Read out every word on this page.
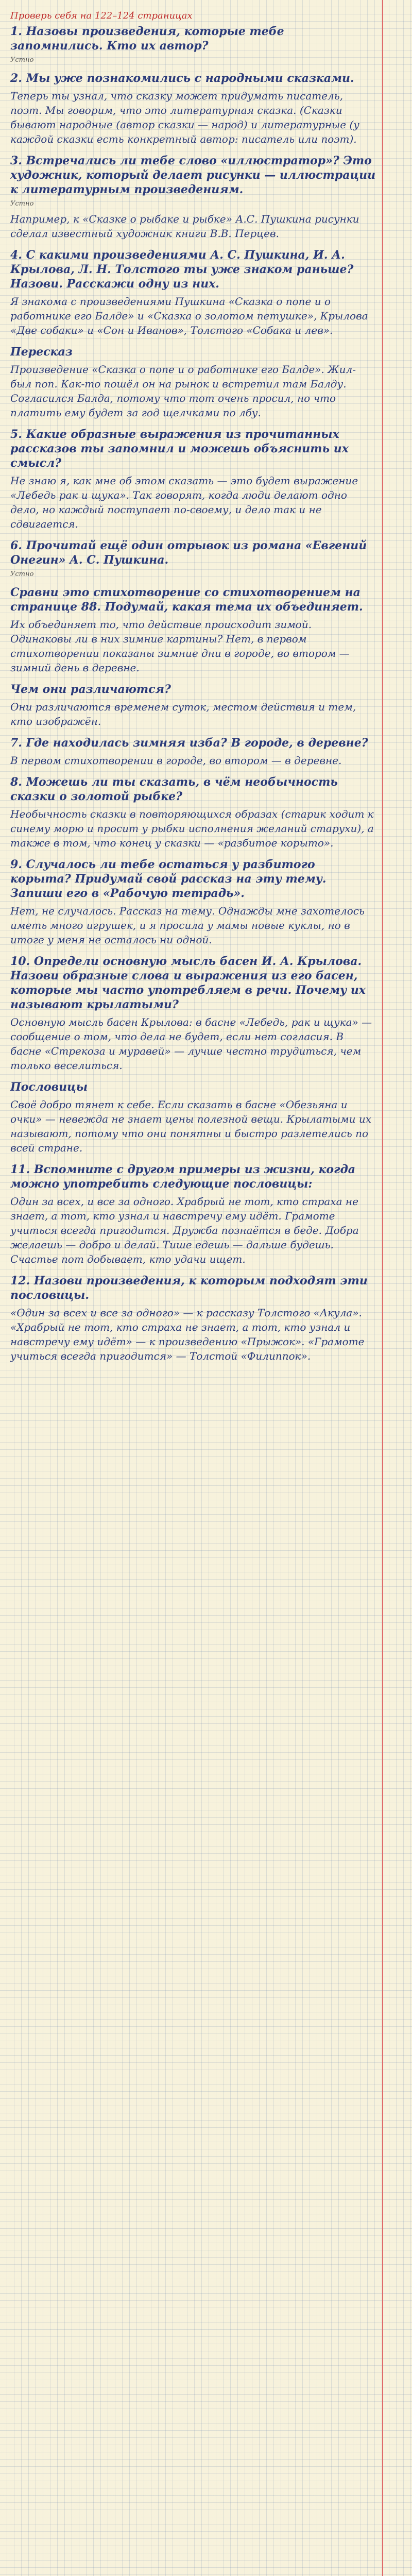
Проверь себя на 122–124 страницах
1. Назовы произведения, которые тебе запомнились. Кто их автор?
Устно
2. Мы уже познакомились с народными сказками.
Теперь ты узнал, что сказку может придумать писатель, поэт. Мы говорим, что это литературная сказка. (Сказки бывают народные (автор сказки — народ) и литературные (у каждой сказки есть конкретный автор: писатель или поэт).
3. Встречались ли тебе слово «иллюстратор»? Это художник, который делает рисунки — иллюстрации к литературным произведениям.
Устно
Например, к «Сказке о рыбаке и рыбке» А.С. Пушкина рисунки сделал известный художник книги В.В. Перцев.
4. С какими произведениями А. С. Пушкина, И. А. Крылова, Л. Н. Толстого ты уже знаком раньше? Назови. Расскажи одну из них.
Я знакома с произведениями Пушкина «Сказка о попе и о работнике его Балде» и «Сказка о золотом петушке», Крылова «Две собаки» и «Сон и Иванов», Толстого «Собака и лев».
Пересказ
Произведение «Сказка о попе и о работнике его Балде». Жил-был поп. Как-то пошёл он на рынок и встретил там Балду. Согласился Балда, потому что тот очень просил, но что платить ему будет за год щелчками по лбу.
5. Какие образные выражения из прочитанных рассказов ты запомнил и можешь объяснить их смысл?
Не знаю я, как мне об этом сказать — это будет выражение «Лебедь рак и щука». Так говорят, когда люди делают одно дело, но каждый поступает по-своему, и дело так и не сдвигается.
6. Прочитай ещё один отрывок из романа «Евгений Онегин» А. С. Пушкина.
Устно
Сравни это стихотворение со стихотворением на странице 88. Подумай, какая тема их объединяет.
Их объединяет то, что действие происходит зимой. Одинаковы ли в них зимние картины? Нет, в первом стихотворении показаны зимние дни в городе, во втором — зимний день в деревне.
Чем они различаются?
Они различаются временем суток, местом действия и тем, кто изображён.
7. Где находилась зимняя изба? В городе, в деревне?
В первом стихотворении в городе, во втором — в деревне.
8. Можешь ли ты сказать, в чём необычность сказки о золотой рыбке?
Необычность сказки в повторяющихся образах (старик ходит к синему морю и просит у рыбки исполнения желаний старухи), а также в том, что конец у сказки — «разбитое корыто».
9. Случалось ли тебе остаться у разбитого корыта? Придумай свой рассказ на эту тему. Запиши его в «Рабочую тетрадь».
Нет, не случалось. Рассказ на тему. Однажды мне захотелось иметь много игрушек, и я просила у мамы новые куклы, но в итоге у меня не осталось ни одной.
10. Определи основную мысль басен И. А. Крылова. Назови образные слова и выражения из его басен, которые мы часто употребляем в речи. Почему их называют крылатыми?
Основную мысль басен Крылова: в басне «Лебедь, рак и щука» — сообщение о том, что дела не будет, если нет согласия. В басне «Стрекоза и муравей» — лучше честно трудиться, чем только веселиться.
Пословицы
Своё добро тянет к себе. Если сказать в басне «Обезьяна и очки» — невежда не знает цены полезной вещи. Крылатыми их называют, потому что они понятны и быстро разлетелись по всей стране.
11. Вспомните с другом примеры из жизни, когда можно употребить следующие пословицы:
Один за всех, и все за одного. Храбрый не тот, кто страха не знает, а тот, кто узнал и навстречу ему идёт. Грамоте учиться всегда пригодится. Дружба познаётся в беде. Добра желаешь — добро и делай. Тише едешь — дальше будешь. Счастье пот добывает, кто удачи ищет.
12. Назови произведения, к которым подходят эти пословицы.
«Один за всех и все за одного» — к рассказу Толстого «Акула». «Храбрый не тот, кто страха не знает, а тот, кто узнал и навстречу ему идёт» — к произведению «Прыжок». «Грамоте учиться всегда пригодится» — Толстой «Филиппок».
